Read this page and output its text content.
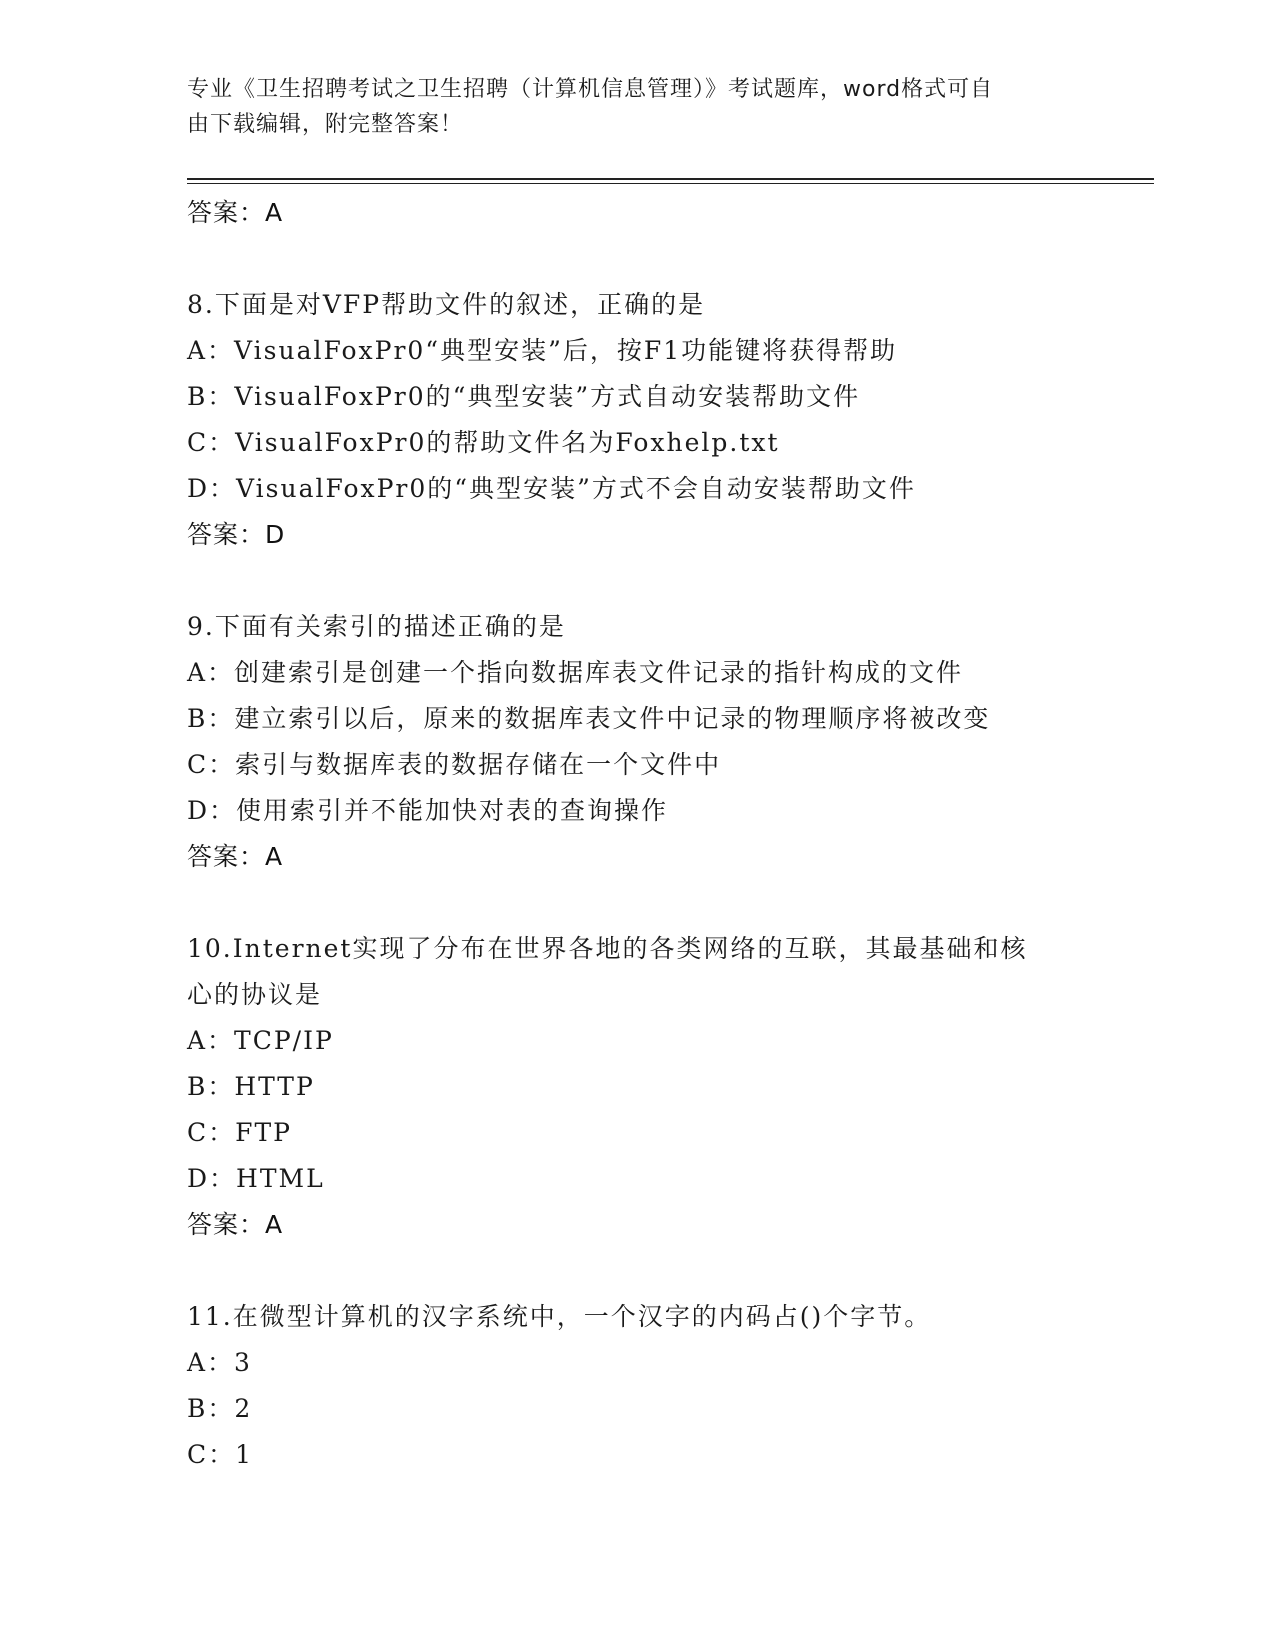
专业《卫生招聘考试之卫生招聘（计算机信息管理）》考试题库，word格式可自
由下载编辑，附完整答案！
答案：A
8.下面是对VFP帮助文件的叙述，正确的是
A：VisualFoxPr0“典型安装”后，按F1功能键将获得帮助
B：VisualFoxPr0的“典型安装”方式自动安装帮助文件
C：VisualFoxPr0的帮助文件名为Foxhelp.txt
D：VisualFoxPr0的“典型安装”方式不会自动安装帮助文件
答案：D
9.下面有关索引的描述正确的是
A：创建索引是创建一个指向数据库表文件记录的指针构成的文件
B：建立索引以后，原来的数据库表文件中记录的物理顺序将被改变
C：索引与数据库表的数据存储在一个文件中
D：使用索引并不能加快对表的查询操作
答案：A
10.Internet实现了分布在世界各地的各类网络的互联，其最基础和核
心的协议是
A：TCP/IP
B：HTTP
C：FTP
D：HTML
答案：A
11.在微型计算机的汉字系统中，一个汉字的内码占()个字节。
A：3
B：2
C：1
